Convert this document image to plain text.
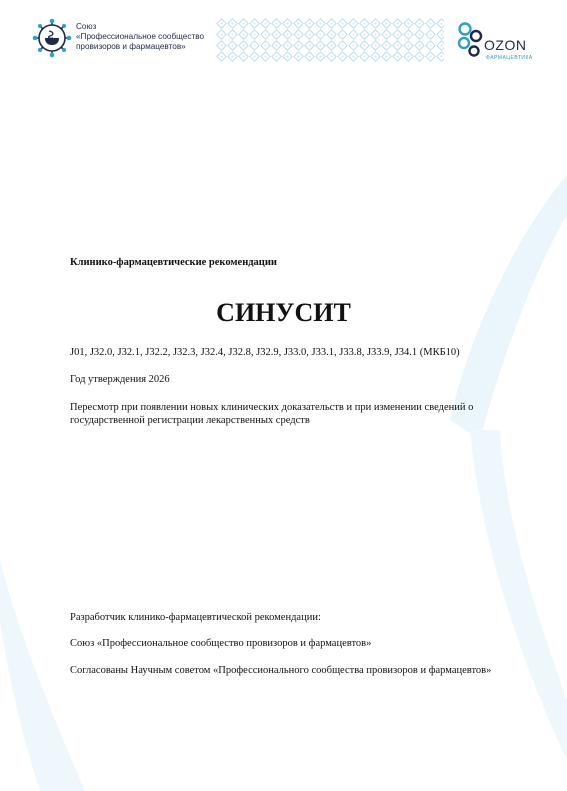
Союз
«Профессиональное сообщество
провизоров и фармацевтов»	OZON
ФАРМАЦЕВТИКА
Клинико-фармацевтические рекомендации
СИНУСИТ
J01, J32.0, J32.1, J32.2, J32.3, J32.4, J32.8, J32.9, J33.0, J33.1, J33.8, J33.9, J34.1 (МКБ10)
Год утверждения 2026
Пересмотр при появлении новых клинических доказательств и при изменении сведений о государственной регистрации лекарственных средств
Разработчик клинико-фармацевтической рекомендации:
Союз «Профессиональное сообщество провизоров и фармацевтов»
Согласованы Научным советом «Профессионального сообщества провизоров и фармацевтов»
